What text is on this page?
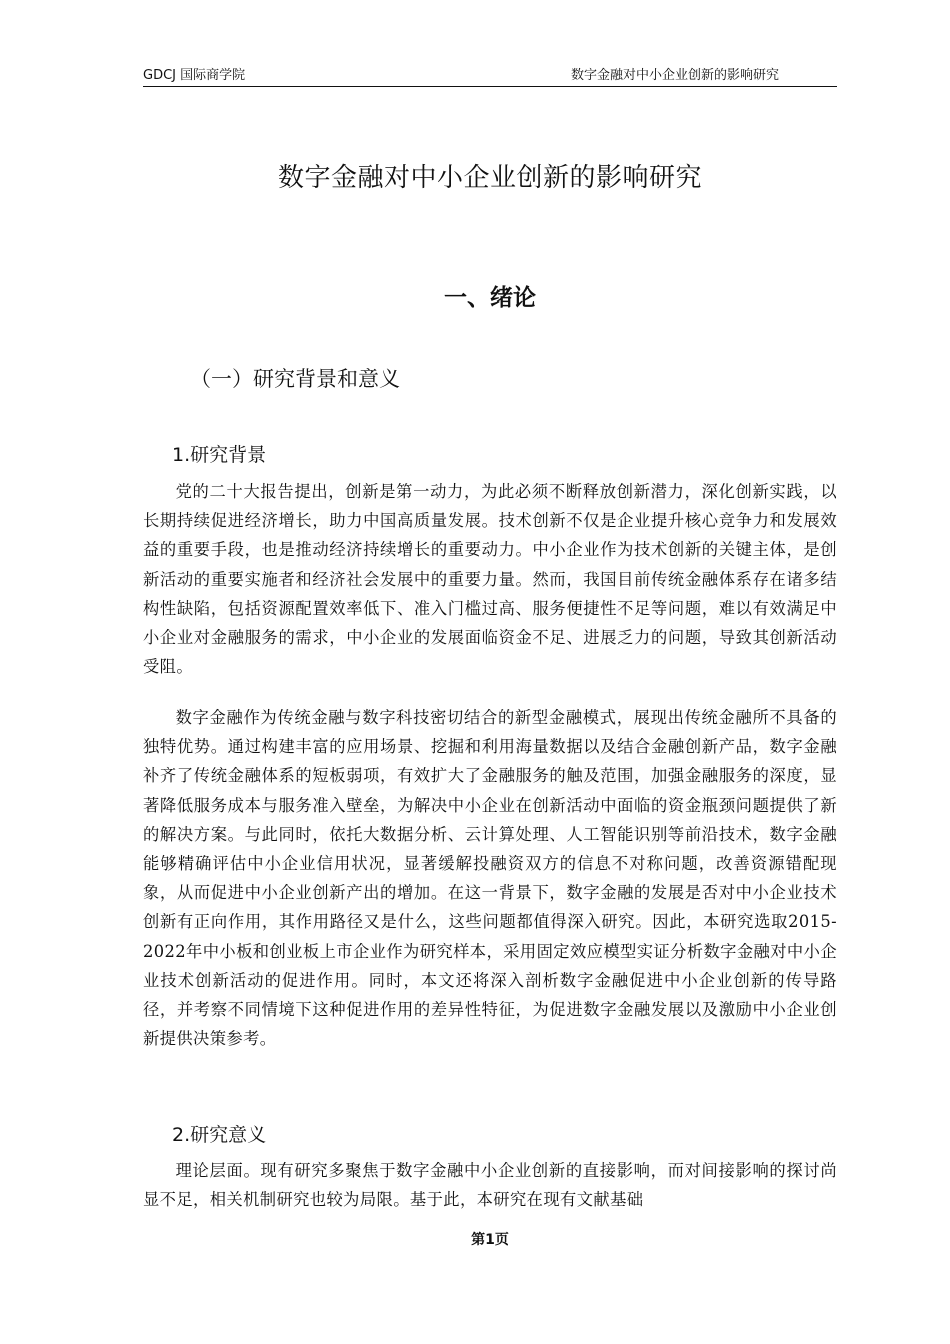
GDCJ 国际商学院	数字金融对中小企业创新的影响研究
数字金融对中小企业创新的影响研究
一、绪论
（一）研究背景和意义
1.研究背景

党的二十大报告提出，创新是第一动力，为此必须不断释放创新潜力，深化创新实践，以长期持续促进经济增长，助力中国高质量发展。技术创新不仅是企业提升核心竞争力和发展效益的重要手段，也是推动经济持续增长的重要动力。中小企业作为技术创新的关键主体，是创新活动的重要实施者和经济社会发展中的重要力量。然而，我国目前传统金融体系存在诸多结构性缺陷，包括资源配置效率低下、准入门槛过高、服务便捷性不足等问题，难以有效满足中小企业对金融服务的需求，中小企业的发展面临资金不足、进展乏力的问题，导致其创新活动受阻。

数字金融作为传统金融与数字科技密切结合的新型金融模式，展现出传统金融所不具备的独特优势。通过构建丰富的应用场景、挖掘和利用海量数据以及结合金融创新产品，数字金融补齐了传统金融体系的短板弱项，有效扩大了金融服务的触及范围，加强金融服务的深度，显著降低服务成本与服务准入壁垒，为解决中小企业在创新活动中面临的资金瓶颈问题提供了新的解决方案。与此同时，依托大数据分析、云计算处理、人工智能识别等前沿技术，数字金融能够精确评估中小企业信用状况，显著缓解投融资双方的信息不对称问题，改善资源错配现象，从而促进中小企业创新产出的增加。在这一背景下，数字金融的发展是否对中小企业技术创新有正向作用，其作用路径又是什么，这些问题都值得深入研究。因此，本研究选取2015-2022年中小板和创业板上市企业作为研究样本，采用固定效应模型实证分析数字金融对中小企业技术创新活动的促进作用。同时，本文还将深入剖析数字金融促进中小企业创新的传导路径，并考察不同情境下这种促进作用的差异性特征，为促进数字金融发展以及激励中小企业创新提供决策参考。

2.研究意义

理论层面。现有研究多聚焦于数字金融中小企业创新的直接影响，而对间接影响的探讨尚显不足，相关机制研究也较为局限。基于此，本研究在现有文献基础

第1页
